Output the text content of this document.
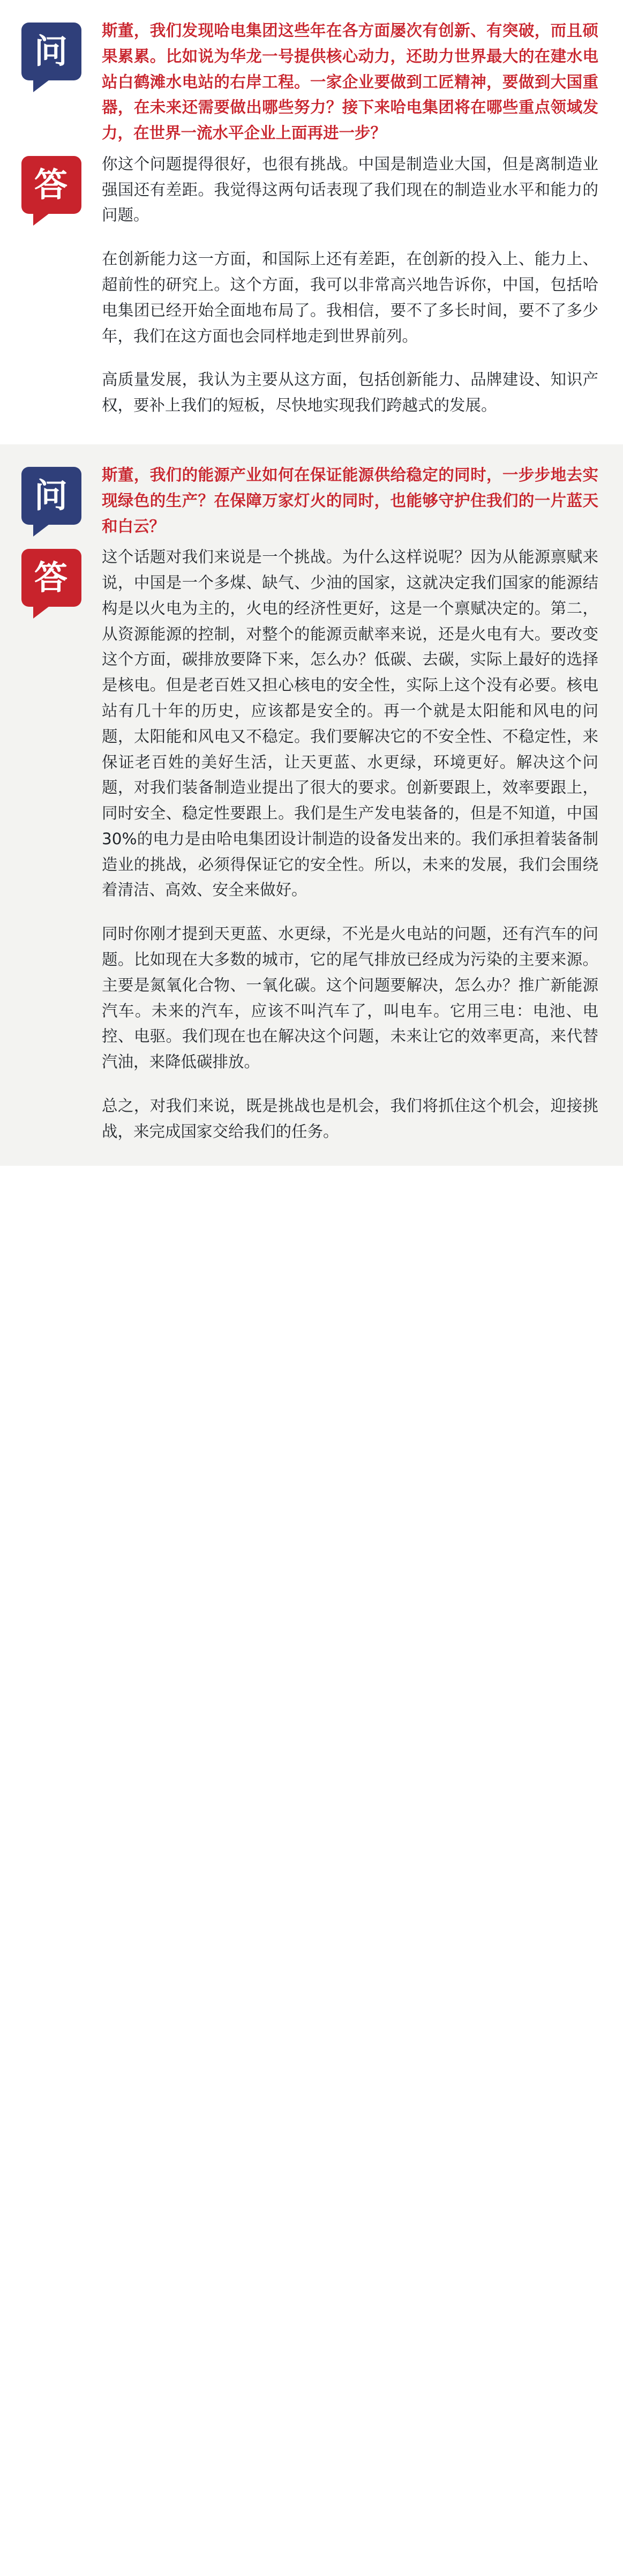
问

斯董，我们发现哈电集团这些年在各方面屡次有创新、有突破，而且硕果累累。比如说为华龙一号提供核心动力，还助力世界最大的在建水电站白鹤滩水电站的右岸工程。一家企业要做到工匠精神，要做到大国重器，在未来还需要做出哪些努力？接下来哈电集团将在哪些重点领域发力，在世界一流水平企业上面再进一步？

答

你这个问题提得很好，也很有挑战。中国是制造业大国，但是离制造业强国还有差距。我觉得这两句话表现了我们现在的制造业水平和能力的问题。

在创新能力这一方面，和国际上还有差距，在创新的投入上、能力上、超前性的研究上。这个方面，我可以非常高兴地告诉你，中国，包括哈电集团已经开始全面地布局了。我相信，要不了多长时间，要不了多少年，我们在这方面也会同样地走到世界前列。

高质量发展，我认为主要从这方面，包括创新能力、品牌建设、知识产权，要补上我们的短板，尽快地实现我们跨越式的发展。

问

斯董，我们的能源产业如何在保证能源供给稳定的同时，一步步地去实现绿色的生产？在保障万家灯火的同时，也能够守护住我们的一片蓝天和白云？

答

这个话题对我们来说是一个挑战。为什么这样说呢？因为从能源禀赋来说，中国是一个多煤、缺气、少油的国家，这就决定我们国家的能源结构是以火电为主的，火电的经济性更好，这是一个禀赋决定的。第二，从资源能源的控制，对整个的能源贡献率来说，还是火电有大。要改变这个方面，碳排放要降下来，怎么办？低碳、去碳，实际上最好的选择是核电。但是老百姓又担心核电的安全性，实际上这个没有必要。核电站有几十年的历史，应该都是安全的。再一个就是太阳能和风电的问题，太阳能和风电又不稳定。我们要解决它的不安全性、不稳定性，来保证老百姓的美好生活，让天更蓝、水更绿，环境更好。解决这个问题，对我们装备制造业提出了很大的要求。创新要跟上，效率要跟上，同时安全、稳定性要跟上。我们是生产发电装备的，但是不知道，中国30%的电力是由哈电集团设计制造的设备发出来的。我们承担着装备制造业的挑战，必须得保证它的安全性。所以，未来的发展，我们会围绕着清洁、高效、安全来做好。

同时你刚才提到天更蓝、水更绿，不光是火电站的问题，还有汽车的问题。比如现在大多数的城市，它的尾气排放已经成为污染的主要来源。主要是氮氧化合物、一氧化碳。这个问题要解决，怎么办？推广新能源汽车。未来的汽车，应该不叫汽车了，叫电车。它用三电：电池、电控、电驱。我们现在也在解决这个问题，未来让它的效率更高，来代替汽油，来降低碳排放。

总之，对我们来说，既是挑战也是机会，我们将抓住这个机会，迎接挑战，来完成国家交给我们的任务。
